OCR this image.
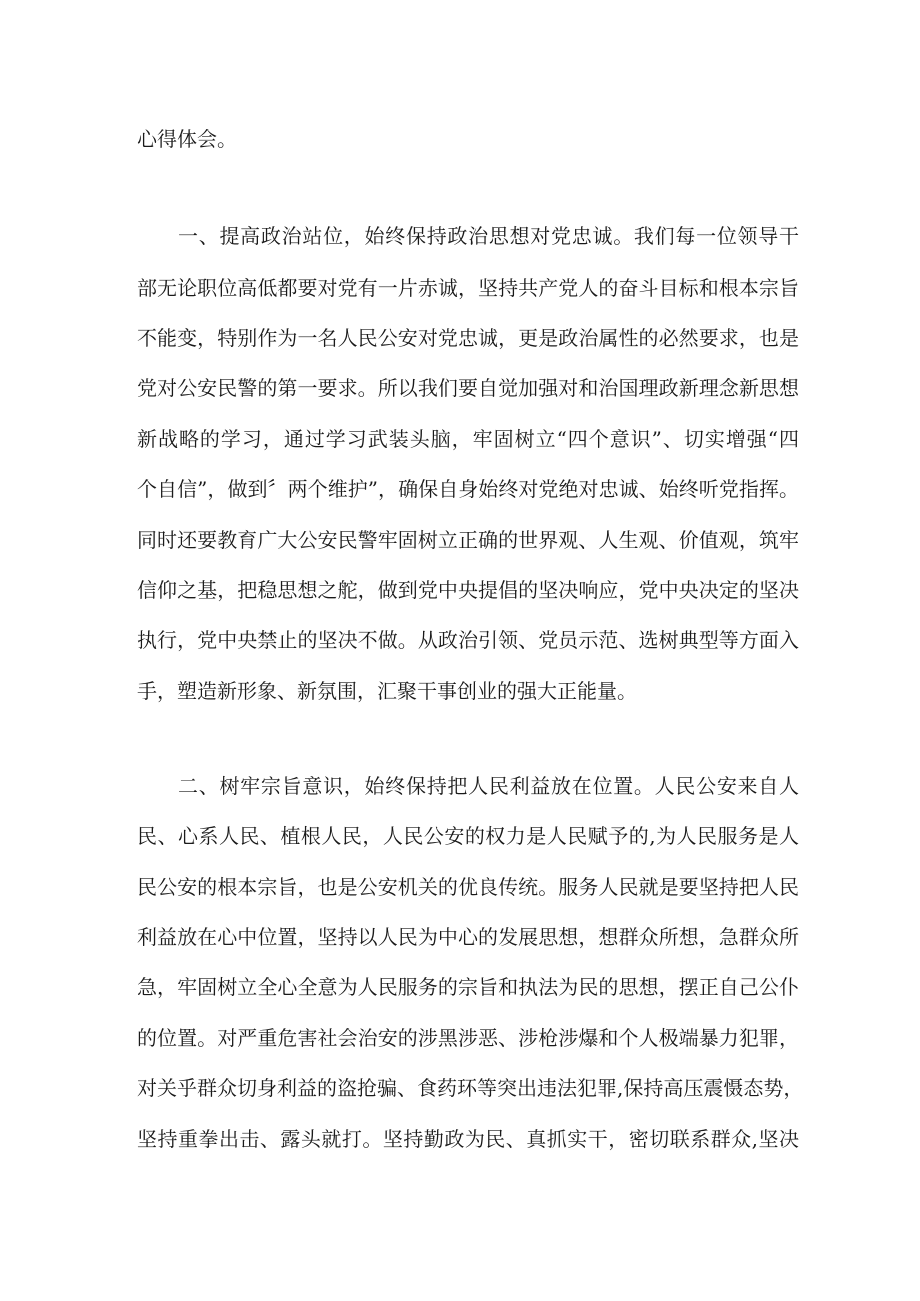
心得体会。
一、提高政治站位，始终保持政治思想对党忠诚。我们每一位领导干
部无论职位高低都要对党有一片赤诚，坚持共产党人的奋斗目标和根本宗旨
不能变，特别作为一名人民公安对党忠诚，更是政治属性的必然要求，也是
党对公安民警的第一要求。所以我们要自觉加强对和治国理政新理念新思想
新战略的学习，通过学习武装头脑，牢固树立“四个意识”、切实增强“四
个自信”，做到〞两个维护”，确保自身始终对党绝对忠诚、始终听党指挥。
同时还要教育广大公安民警牢固树立正确的世界观、人生观、价值观，筑牢
信仰之基，把稳思想之舵，做到党中央提倡的坚决响应，党中央决定的坚决
执行，党中央禁止的坚决不做。从政治引领、党员示范、选树典型等方面入
手，塑造新形象、新氛围，汇聚干事创业的强大正能量。
二、树牢宗旨意识，始终保持把人民利益放在位置。人民公安来自人
民、心系人民、植根人民，人民公安的权力是人民赋予的,为人民服务是人
民公安的根本宗旨，也是公安机关的优良传统。服务人民就是要坚持把人民
利益放在心中位置，坚持以人民为中心的发展思想，想群众所想，急群众所
急，牢固树立全心全意为人民服务的宗旨和执法为民的思想，摆正自己公仆
的位置。对严重危害社会治安的涉黑涉恶、涉枪涉爆和个人极端暴力犯罪，
对关乎群众切身利益的盗抢骗、食药环等突出违法犯罪,保持高压震慑态势，
坚持重拳出击、露头就打。坚持勤政为民、真抓实干，密切联系群众,坚决
